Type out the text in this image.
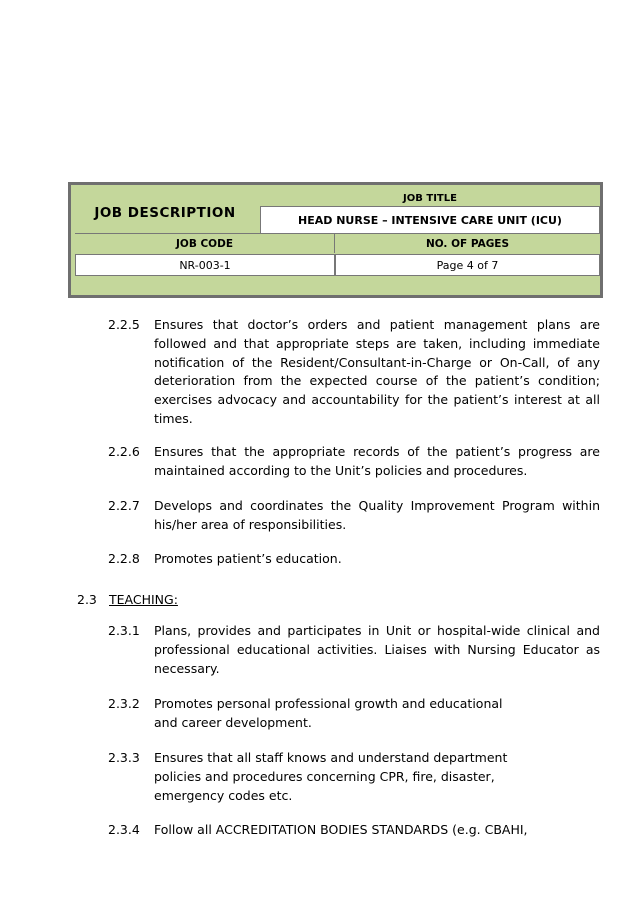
JOB DESCRIPTION
JOB TITLE
HEAD NURSE – INTENSIVE CARE UNIT (ICU)
JOB CODE	NO. OF PAGES
NR-003-1	Page 4 of 7
2.2.5	Ensures that doctor’s orders and patient management plans are followed and that appropriate steps are taken, including immediate notification of the Resident/Consultant-in-Charge or On-Call, of any deterioration from the expected course of the patient’s condition; exercises advocacy and accountability for the patient’s interest at all times.
2.2.6	Ensures that the appropriate records of the patient’s progress are maintained according to the Unit’s policies and procedures.
2.2.7	Develops and coordinates the Quality Improvement Program within his/her area of responsibilities.
2.2.8	Promotes patient’s education.
2.3 TEACHING:
2.3.1	Plans, provides and participates in Unit or hospital-wide clinical and professional educational activities. Liaises with Nursing Educator as necessary.
2.3.2	Promotes personal professional growth and educational and career development.
2.3.3	Ensures that all staff knows and understand department policies and procedures concerning CPR, fire, disaster, emergency codes etc.
2.3.4	Follow all ACCREDITATION BODIES STANDARDS (e.g. CBAHI,
